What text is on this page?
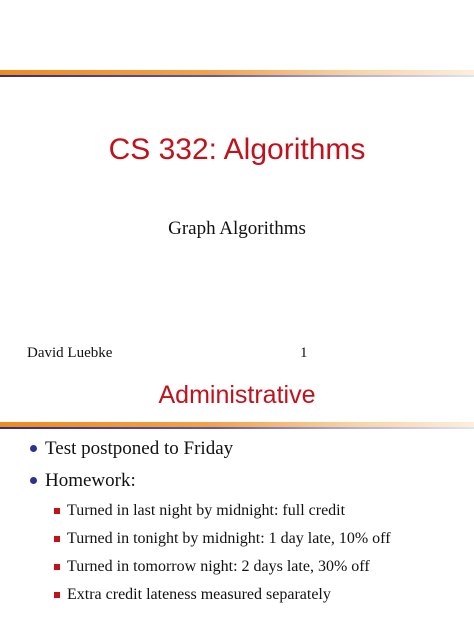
CS 332: Algorithms
Graph Algorithms
David Luebke	1
Administrative
Test postponed to Friday
Homework:
Turned in last night by midnight: full credit
Turned in tonight by midnight: 1 day late, 10% off
Turned in tomorrow night: 2 days late, 30% off
Extra credit lateness measured separately
